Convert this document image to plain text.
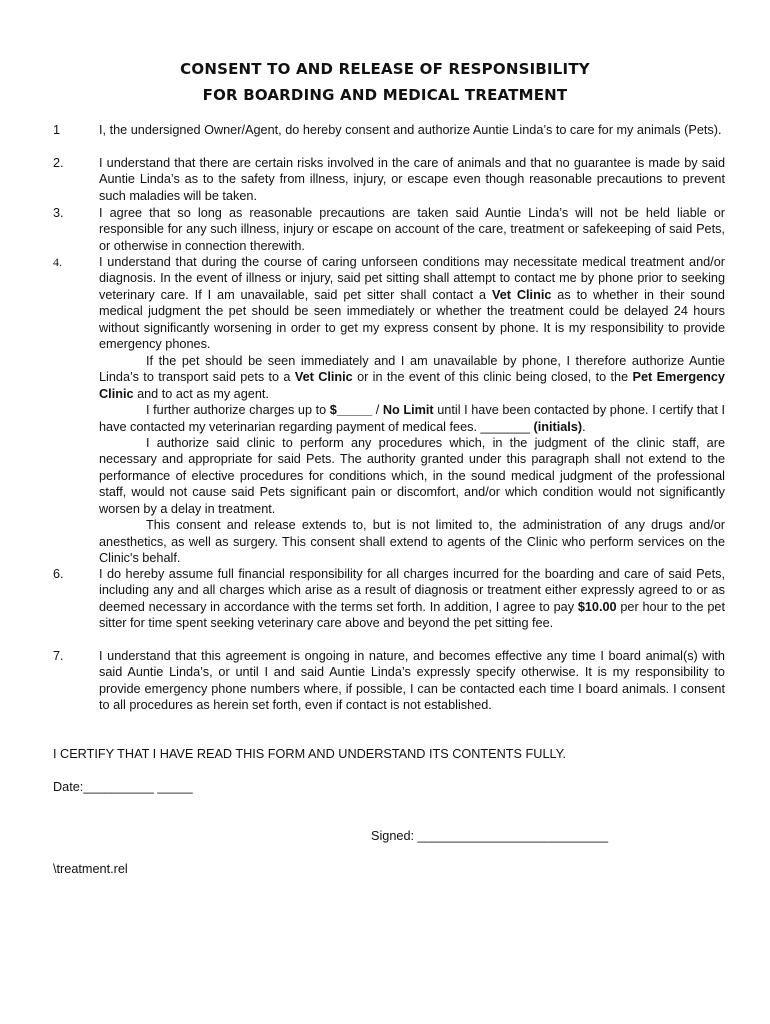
CONSENT TO AND RELEASE OF RESPONSIBILITY
FOR BOARDING AND MEDICAL TREATMENT
1	I, the undersigned Owner/Agent, do hereby consent and authorize Auntie Linda’s to care for my animals (Pets).
2.	I understand that there are certain risks involved in the care of animals and that no guarantee is made by said Auntie Linda’s as to the safety from illness, injury, or escape even though reasonable precautions to prevent such maladies will be taken.
3.	I agree that so long as reasonable precautions are taken said Auntie Linda’s will not be held liable or responsible for any such illness, injury or escape on account of the care, treatment or safekeeping of said Pets, or otherwise in connection therewith.
4.	I understand that during the course of caring unforseen conditions may necessitate medical treatment and/or diagnosis. In the event of illness or injury, said pet sitting shall attempt to contact me by phone prior to seeking veterinary care. If I am unavailable, said pet sitter shall contact a Vet Clinic as to whether in their sound medical judgment the pet should be seen immediately or whether the treatment could be delayed 24 hours without significantly worsening in order to get my express consent by phone. It is my responsibility to provide emergency phones.

If the pet should be seen immediately and I am unavailable by phone, I therefore authorize Auntie Linda’s to transport said pets to a Vet Clinic or in the event of this clinic being closed, to the Pet Emergency Clinic and to act as my agent.

I further authorize charges up to $_____ / No Limit until I have been contacted by phone. I certify that I have contacted my veterinarian regarding payment of medical fees. _______ (initials).

I authorize said clinic to perform any procedures which, in the judgment of the clinic staff, are necessary and appropriate for said Pets. The authority granted under this paragraph shall not extend to the performance of elective procedures for conditions which, in the sound medical judgment of the professional staff, would not cause said Pets significant pain or discomfort, and/or which condition would not significantly worsen by a delay in treatment.

This consent and release extends to, but is not limited to, the administration of any drugs and/or anesthetics, as well as surgery. This consent shall extend to agents of the Clinic who perform services on the Clinic's behalf.

6.	I do hereby assume full financial responsibility for all charges incurred for the boarding and care of said Pets, including any and all charges which arise as a result of diagnosis or treatment either expressly agreed to or as deemed necessary in accordance with the terms set forth. In addition, I agree to pay $10.00 per hour to the pet sitter for time spent seeking veterinary care above and beyond the pet sitting fee.
7.	I understand that this agreement is ongoing in nature, and becomes effective any time I board animal(s) with said Auntie Linda’s, or until I and said Auntie Linda’s expressly specify otherwise. It is my responsibility to provide emergency phone numbers where, if possible, I can be contacted each time I board animals. I consent to all procedures as herein set forth, even if contact is not established.
I CERTIFY THAT I HAVE READ THIS FORM AND UNDERSTAND ITS CONTENTS FULLY.
Date:__________ _____
Signed: ___________________________
\treatment.rel
